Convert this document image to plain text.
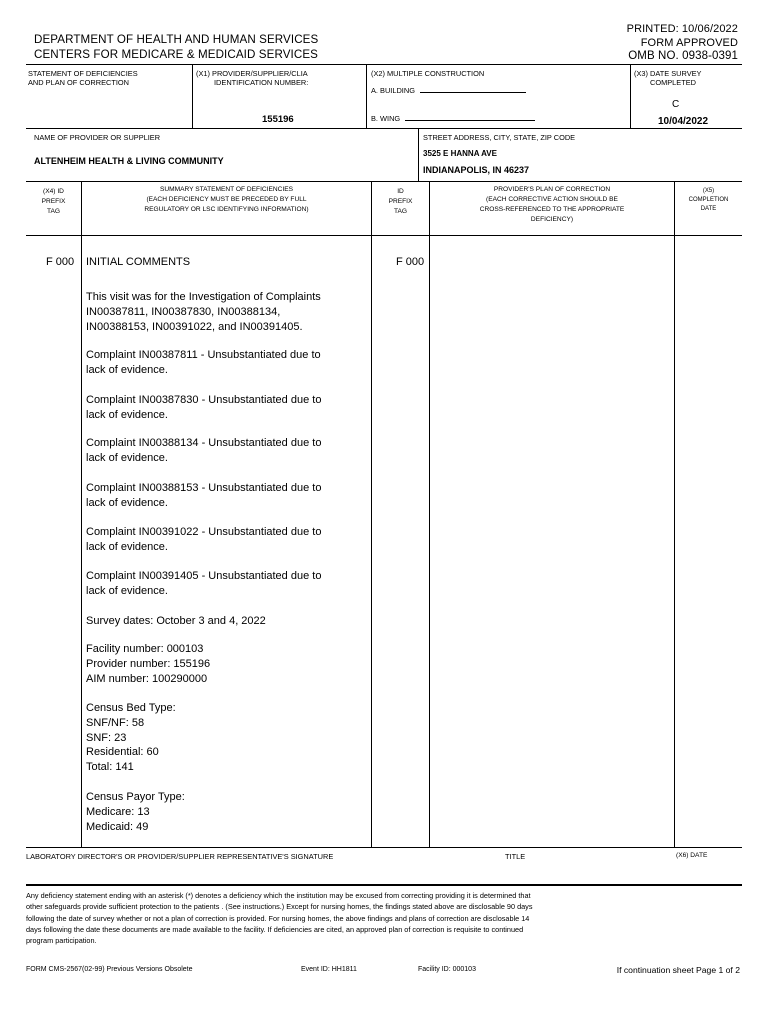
DEPARTMENT OF HEALTH AND HUMAN SERVICES
CENTERS FOR MEDICARE & MEDICAID SERVICES
PRINTED: 10/06/2022
FORM APPROVED
OMB NO. 0938-0391
STATEMENT OF DEFICIENCIES
AND PLAN OF CORRECTION
(X1) PROVIDER/SUPPLIER/CLIA
IDENTIFICATION NUMBER:
155196
(X2) MULTIPLE CONSTRUCTION
A. BUILDING
B. WING
(X3) DATE SURVEY
COMPLETED
C
10/04/2022
NAME OF PROVIDER OR SUPPLIER
ALTENHEIM HEALTH & LIVING COMMUNITY
STREET ADDRESS, CITY, STATE, ZIP CODE
3525 E HANNA AVE
INDIANAPOLIS, IN 46237
(X4) ID
PREFIX
TAG
SUMMARY STATEMENT OF DEFICIENCIES
(EACH DEFICIENCY MUST BE PRECEDED BY FULL
REGULATORY OR LSC IDENTIFYING INFORMATION)
ID
PREFIX
TAG
PROVIDER'S PLAN OF CORRECTION
(EACH CORRECTIVE ACTION SHOULD BE
CROSS-REFERENCED TO THE APPROPRIATE
DEFICIENCY)
(X5)
COMPLETION
DATE
F 000 INITIAL COMMENTS	F 000
This visit was for the Investigation of Complaints
IN00387811, IN00387830, IN00388134,
IN00388153, IN00391022, and IN00391405.
Complaint IN00387811 - Unsubstantiated due to
lack of evidence.
Complaint IN00387830 - Unsubstantiated due to
lack of evidence.
Complaint IN00388134 - Unsubstantiated due to
lack of evidence.
Complaint IN00388153 - Unsubstantiated due to
lack of evidence.
Complaint IN00391022 - Unsubstantiated due to
lack of evidence.
Complaint IN00391405 - Unsubstantiated due to
lack of evidence.
Survey dates: October 3 and 4, 2022
Facility number: 000103
Provider number: 155196
AIM number: 100290000
Census Bed Type:
SNF/NF: 58
SNF: 23
Residential: 60
Total: 141
Census Payor Type:
Medicare: 13
Medicaid: 49
LABORATORY DIRECTOR'S OR PROVIDER/SUPPLIER REPRESENTATIVE'S SIGNATURE	TITLE	(X6) DATE
Any deficiency statement ending with an asterisk (*) denotes a deficiency which the institution may be excused from correcting providing it is determined that
other safeguards provide sufficient protection to the patients . (See instructions.) Except for nursing homes, the findings stated above are disclosable 90 days
following the date of survey whether or not a plan of correction is provided. For nursing homes, the above findings and plans of correction are disclosable 14
days following the date these documents are made available to the facility. If deficiencies are cited, an approved plan of correction is requisite to continued
program participation.
FORM CMS-2567(02-99) Previous Versions Obsolete	Event ID: HH1811	Facility ID: 000103	If continuation sheet Page 1 of 2
